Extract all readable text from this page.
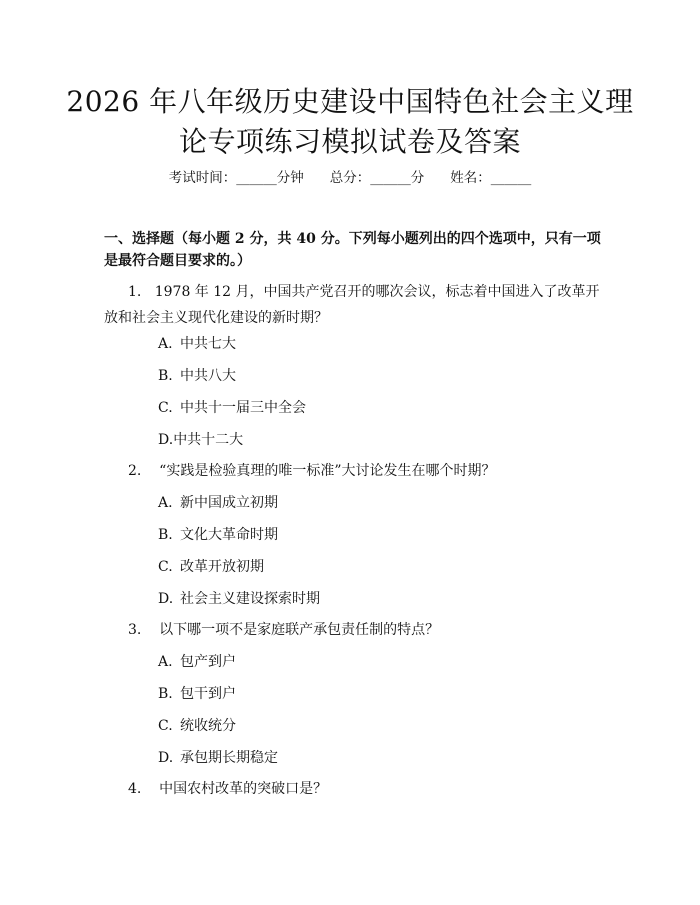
2026 年八年级历史建设中国特色社会主义理
论专项练习模拟试卷及答案
考试时间：______分钟 总分：______分 姓名：______
一、选择题（每小题 2 分，共 40 分。下列每小题列出的四个选项中，只有一项是最符合题目要求的。）
1. 1978 年 12 月，中国共产党召开的哪次会议，标志着中国进入了改革开放和社会主义现代化建设的新时期？
A. 中共七大
B. 中共八大
C. 中共十一届三中全会
D.中共十二大
2. “实践是检验真理的唯一标准”大讨论发生在哪个时期？
A. 新中国成立初期
B. 文化大革命时期
C. 改革开放初期
D. 社会主义建设探索时期
3. 以下哪一项不是家庭联产承包责任制的特点？
A. 包产到户
B. 包干到户
C. 统收统分
D. 承包期长期稳定
4. 中国农村改革的突破口是？
